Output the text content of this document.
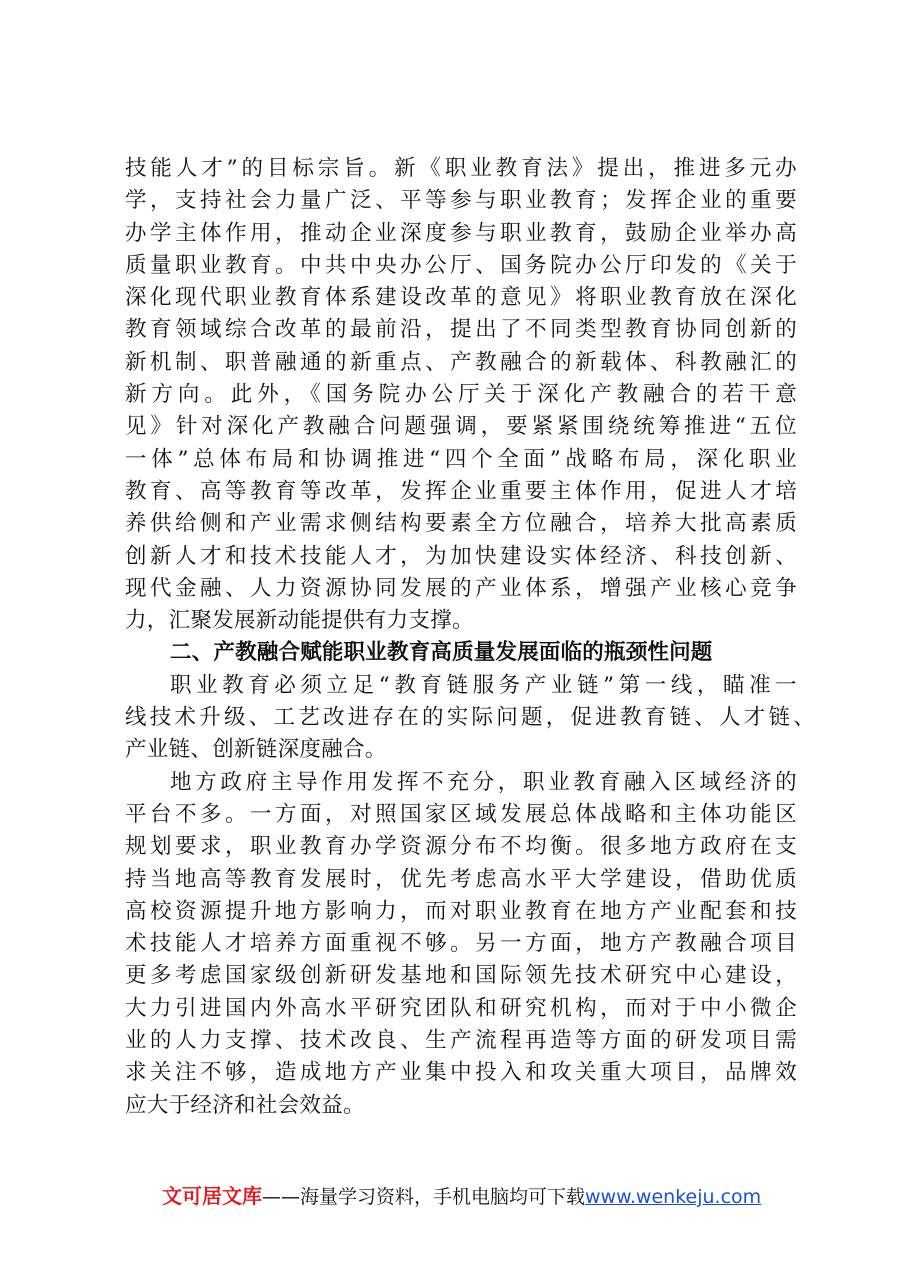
技能人才”的目标宗旨。新《职业教育法》提出，推进多元办
学，支持社会力量广泛、平等参与职业教育；发挥企业的重要
办学主体作用，推动企业深度参与职业教育，鼓励企业举办高
质量职业教育。中共中央办公厅、国务院办公厅印发的《关于
深化现代职业教育体系建设改革的意见》将职业教育放在深化
教育领域综合改革的最前沿，提出了不同类型教育协同创新的
新机制、职普融通的新重点、产教融合的新载体、科教融汇的
新方向。此外，《国务院办公厅关于深化产教融合的若干意
见》针对深化产教融合问题强调，要紧紧围绕统筹推进“五位
一体”总体布局和协调推进“四个全面”战略布局，深化职业
教育、高等教育等改革，发挥企业重要主体作用，促进人才培
养供给侧和产业需求侧结构要素全方位融合，培养大批高素质
创新人才和技术技能人才，为加快建设实体经济、科技创新、
现代金融、人力资源协同发展的产业体系，增强产业核心竞争
力，汇聚发展新动能提供有力支撑。
二、产教融合赋能职业教育高质量发展面临的瓶颈性问题
职业教育必须立足“教育链服务产业链”第一线，瞄准一
线技术升级、工艺改进存在的实际问题，促进教育链、人才链、
产业链、创新链深度融合。
地方政府主导作用发挥不充分，职业教育融入区域经济的
平台不多。一方面，对照国家区域发展总体战略和主体功能区
规划要求，职业教育办学资源分布不均衡。很多地方政府在支
持当地高等教育发展时，优先考虑高水平大学建设，借助优质
高校资源提升地方影响力，而对职业教育在地方产业配套和技
术技能人才培养方面重视不够。另一方面，地方产教融合项目
更多考虑国家级创新研发基地和国际领先技术研究中心建设，
大力引进国内外高水平研究团队和研究机构，而对于中小微企
业的人力支撑、技术改良、生产流程再造等方面的研发项目需
求关注不够，造成地方产业集中投入和攻关重大项目，品牌效
应大于经济和社会效益。
文可居文库——海量学习资料，手机电脑均可下载www.wenkeju.com
